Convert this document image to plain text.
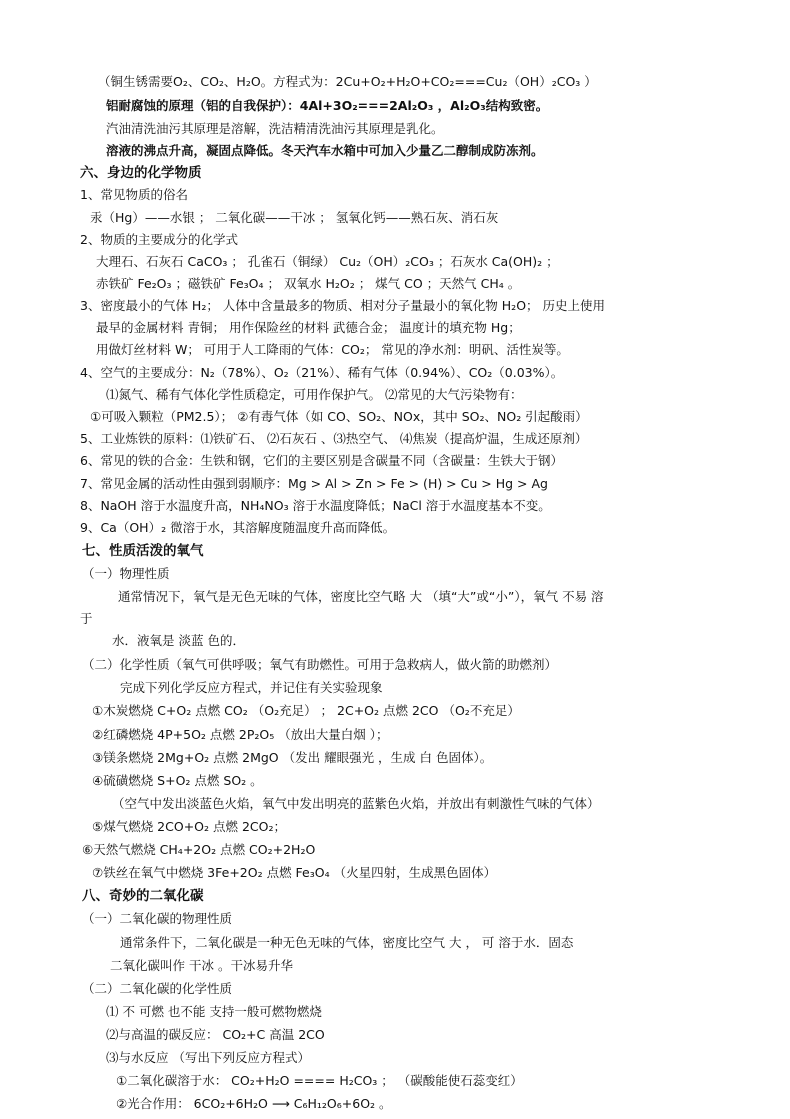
（铜生锈需要O₂、CO₂、H₂O。方程式为：2Cu+O₂+H₂O+CO₂===Cu₂（OH）₂CO₃ ）
铝耐腐蚀的原理（铝的自我保护）：4Al+3O₂===2Al₂O₃ ，Al₂O₃结构致密。
汽油清洗油污其原理是溶解，洗洁精清洗油污其原理是乳化。
溶液的沸点升高，凝固点降低。冬天汽车水箱中可加入少量乙二醇制成防冻剂。
六、身边的化学物质
1、常见物质的俗名
汞（Hg）——水银 ； 二氧化碳——干冰 ； 氢氧化钙——熟石灰、消石灰
2、物质的主要成分的化学式
大理石、石灰石 CaCO₃ ； 孔雀石（铜绿） Cu₂（OH）₂CO₃ ；石灰水 Ca(OH)₂ ；
赤铁矿 Fe₂O₃ ；磁铁矿 Fe₃O₄ ； 双氧水 H₂O₂ ； 煤气 CO ；天然气 CH₄ 。
3、密度最小的气体 H₂； 人体中含量最多的物质、相对分子量最小的氧化物 H₂O； 历史上使用
最早的金属材料 青铜； 用作保险丝的材料 武德合金； 温度计的填充物 Hg；
用做灯丝材料 W； 可用于人工降雨的气体：CO₂； 常见的净水剂：明矾、活性炭等。
4、空气的主要成分：N₂（78%）、O₂（21%）、稀有气体（0.94%）、CO₂（0.03%）。
⑴氮气、稀有气体化学性质稳定，可用作保护气。 ⑵常见的大气污染物有：
①可吸入颗粒（PM2.5）； ②有毒气体（如 CO、SO₂、NOx，其中 SO₂、NO₂ 引起酸雨）
5、工业炼铁的原料：⑴铁矿石、 ⑵石灰石 、⑶热空气、 ⑷焦炭（提高炉温，生成还原剂）
6、常见的铁的合金：生铁和钢，它们的主要区别是含碳量不同（含碳量：生铁大于钢）
7、常见金属的活动性由强到弱顺序：Mg > Al > Zn > Fe > (H) > Cu > Hg > Ag
8、NaOH 溶于水温度升高，NH₄NO₃ 溶于水温度降低；NaCl 溶于水温度基本不变。
9、Ca（OH）₂ 微溶于水，其溶解度随温度升高而降低。
七、性质活泼的氧气
（一）物理性质
通常情况下，氧气是无色无味的气体，密度比空气略 大 （填“大”或“小”），氧气 不易 溶
于
水．液氧是 淡蓝 色的．
（二）化学性质（氧气可供呼吸；氧气有助燃性。可用于急救病人，做火箭的助燃剂）
完成下列化学反应方程式，并记住有关实验现象
①木炭燃烧 C+O₂ 点燃 CO₂ （O₂充足） ； 2C+O₂ 点燃 2CO （O₂不充足）
②红磷燃烧 4P+5O₂ 点燃 2P₂O₅ （放出大量白烟 ）；
③镁条燃烧 2Mg+O₂ 点燃 2MgO （发出 耀眼强光 ，生成 白 色固体）。
④硫磺燃烧 S+O₂ 点燃 SO₂ 。
（空气中发出淡蓝色火焰，氧气中发出明亮的蓝紫色火焰，并放出有刺激性气味的气体）
⑤煤气燃烧 2CO+O₂ 点燃 2CO₂；
⑥天然气燃烧 CH₄+2O₂ 点燃 CO₂+2H₂O
⑦铁丝在氧气中燃烧 3Fe+2O₂ 点燃 Fe₃O₄ （火星四射，生成黑色固体）
八、奇妙的二氧化碳
（一）二氧化碳的物理性质
通常条件下，二氧化碳是一种无色无味的气体，密度比空气 大 ， 可 溶于水．固态
二氧化碳叫作 干冰 。干冰易升华
（二）二氧化碳的化学性质
⑴ 不 可燃 也不能 支持一般可燃物燃烧
⑵与高温的碳反应： CO₂+C 高温 2CO
⑶与水反应 （写出下列反应方程式）
①二氧化碳溶于水： CO₂+H₂O ==== H₂CO₃ ； （碳酸能使石蕊变红）
②光合作用： 6CO₂+6H₂O ⟶ C₆H₁₂O₆+6O₂ 。
